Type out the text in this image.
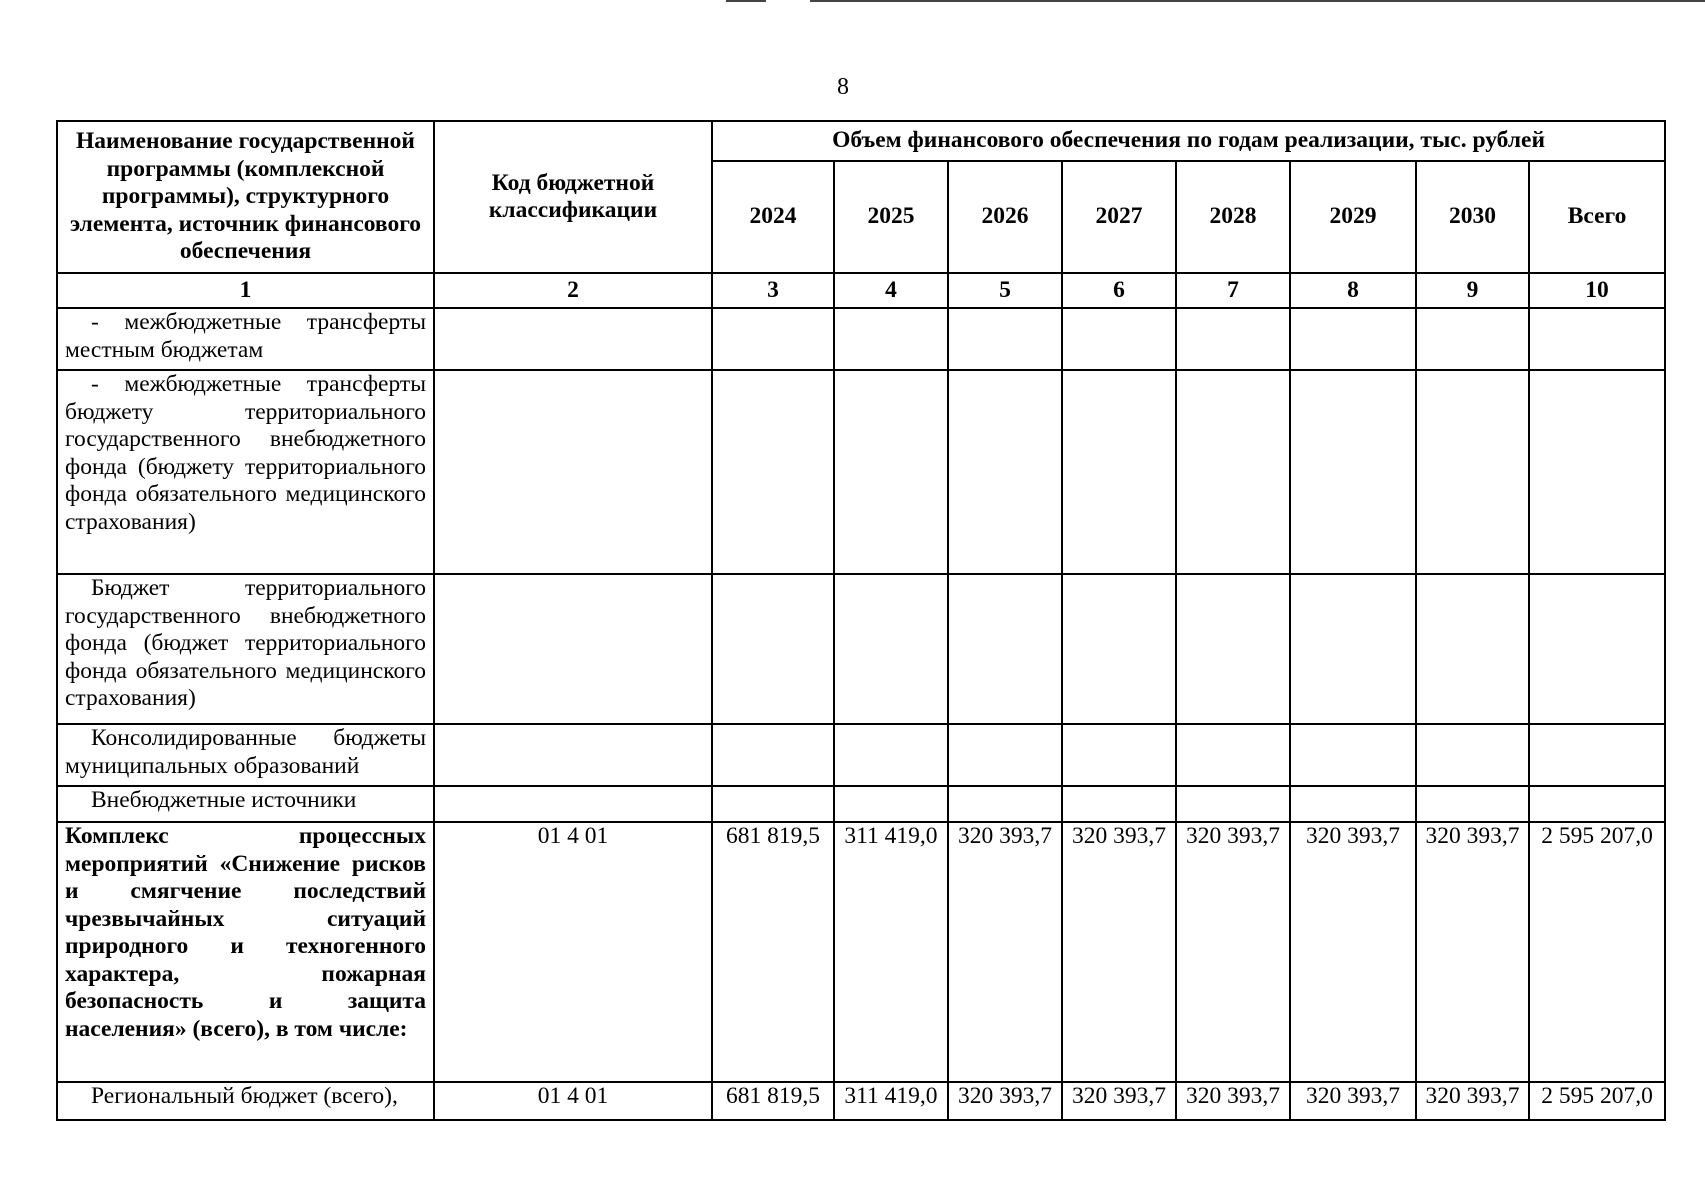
8
Наименование государственной программы (комплексной программы), структурного элемента, источник финансового обеспечения	Код бюджетной классификации	Объем финансового обеспечения по годам реализации, тыс. рублей							
		2024	2025	2026	2027	2028	2029	2030	Всего
1	2	3	4	5	6	7	8	9	10
- межбюджетные трансферты местным бюджетам									
- межбюджетные трансферты бюджету территориального государственного внебюджетного фонда (бюджету территориального фонда обязательного медицинского страхования)									
Бюджет территориального государственного внебюджетного фонда (бюджет территориального фонда обязательного медицинского страхования)									
Консолидированные бюджеты муниципальных образований									
Внебюджетные источники									
Комплекс процессных мероприятий «Снижение рисков и смягчение последствий чрезвычайных ситуаций природного и техногенного характера, пожарная безопасность и защита населения» (всего), в том числе:	01 4 01	681 819,5	311 419,0	320 393,7	320 393,7	320 393,7	320 393,7	320 393,7	2 595 207,0
Региональный бюджет (всего),	01 4 01	681 819,5	311 419,0	320 393,7	320 393,7	320 393,7	320 393,7	320 393,7	2 595 207,0
